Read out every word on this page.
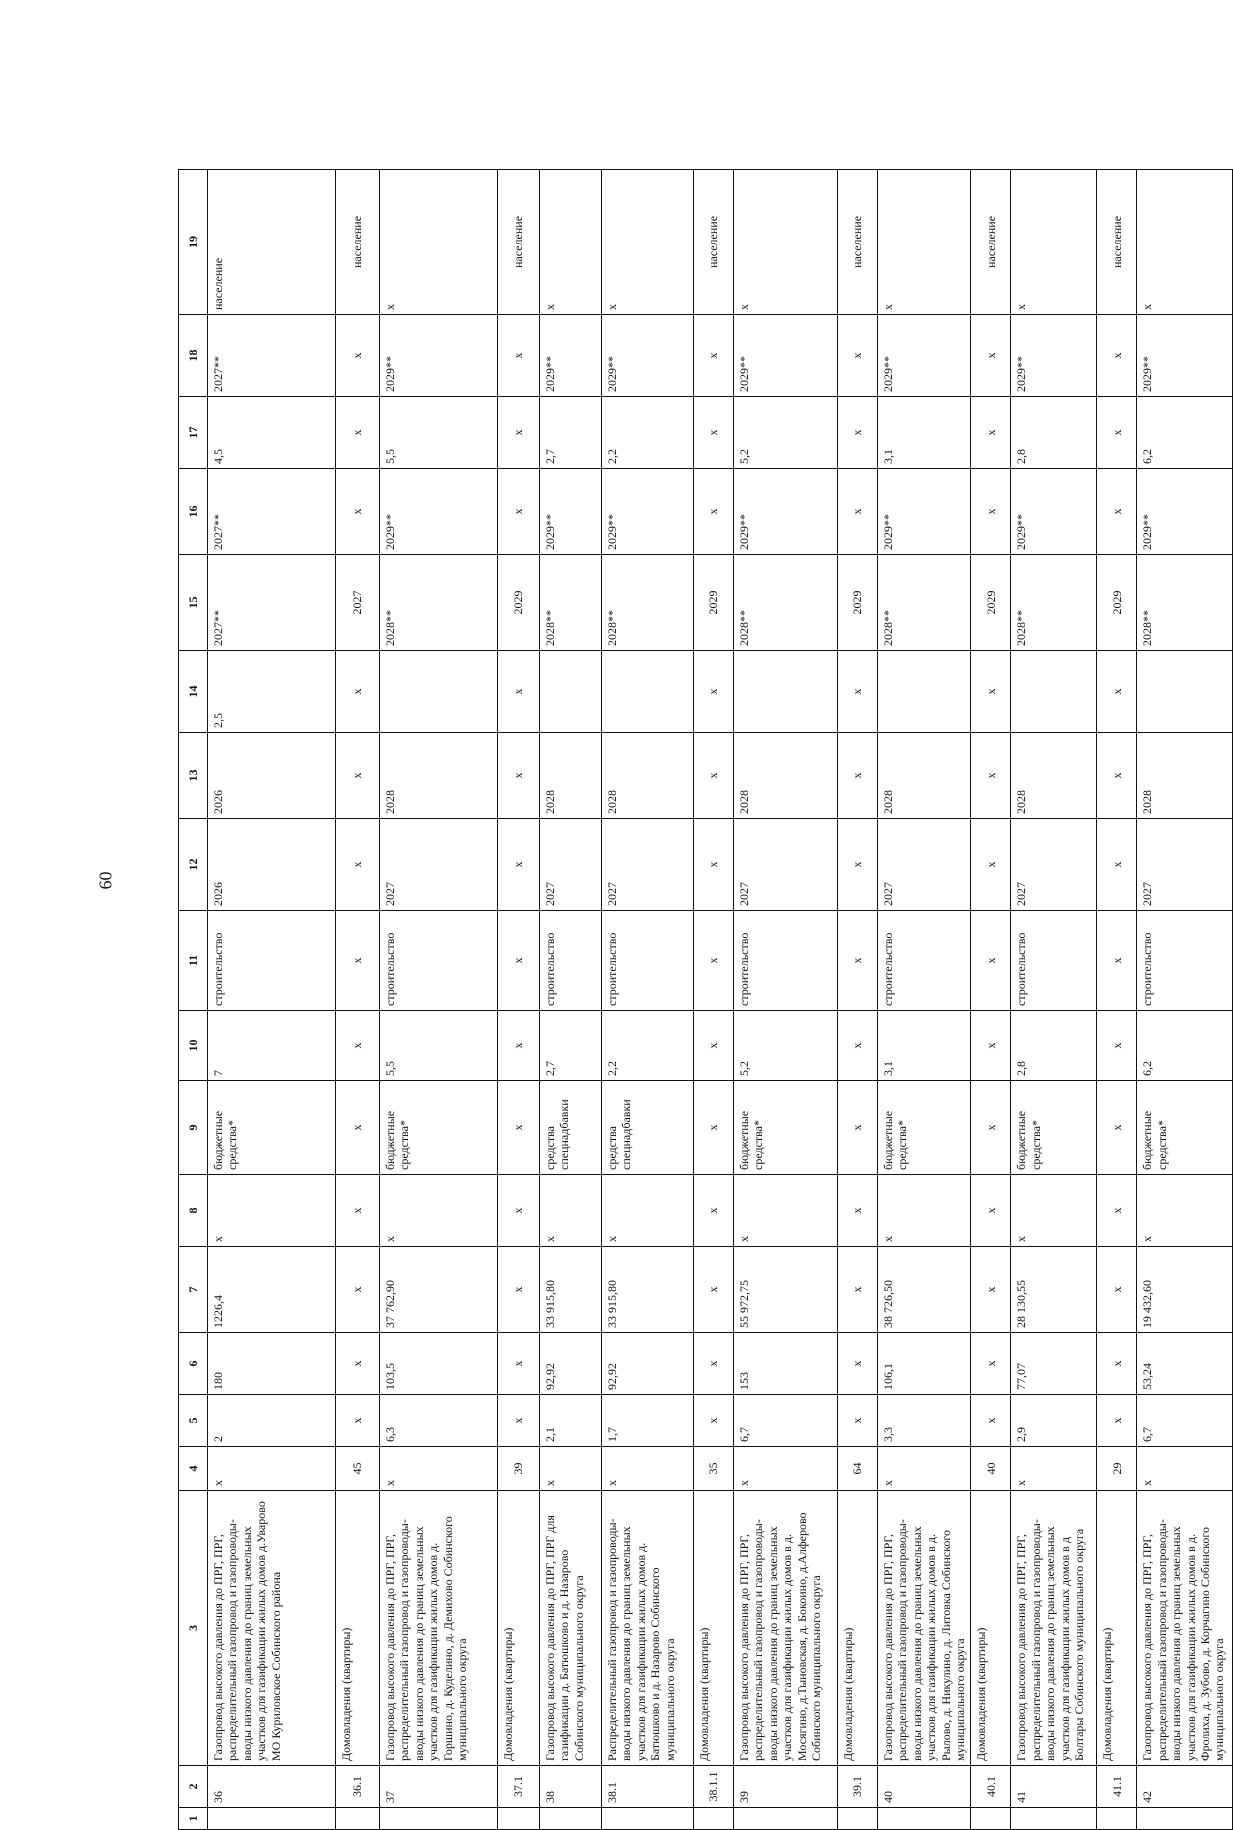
60
1	2	3	4	5	6	7	8	9	10	11	12	13	14	15	16	17	18	19
	36	Газопровод высокого давления до ПРГ, ПРГ, распределительный газопровод и газопроводы-вводы низкого давления до границ земельных участков для газификации жилых домов д.Уварово МО Куриловское Собинского района	x	2	180	1226,4	x	бюджетные средства*	7	строительство	2026	2026	2,5	2027**	2027**	4,5	2027**	население
	36.1	Домовладения (квартиры)	45	x	x	x	x	x	x	x	x	x	x	2027	x	x	x	население
	37	Газопровод высокого давления до ПРГ, ПРГ, распределительный газопровод и газопроводы-вводы низкого давления до границ земельных участков для газификации жилых домов д. Горшино, д. Куделино, д. Демихово Собинского муниципального округа	x	6,3	103,5	37 762,90	x	бюджетные средства*	5,5	строительство	2027	2028		2028**	2029**	5,5	2029**	x
	37.1	Домовладения (квартиры)	39	x	x	x	x	x	x	x	x	x	x	2029	x	x	x	население
	38	Газопровод высокого давления до ПРГ, ПРГ для газификации д. Батюшково и д. Назарово Собинского муниципального округа	x	2,1	92,92	33 915,80	x	средства спецнадбавки	2,7	строительство	2027	2028		2028**	2029**	2,7	2029**	x
	38.1	Распределительный газопровод и газопроводы-вводы низкого давления до границ земельных участков для газификации жилых домов д. Батюшково и д. Назарово Собинского муниципального округа	x	1,7	92,92	33 915,80	x	средства спецнадбавки	2,2	строительство	2027	2028		2028**	2029**	2,2	2029**	x
	38.1.1	Домовладения (квартиры)	35	x	x	x	x	x	x	x	x	x	x	2029	x	x	x	население
	39	Газопровод высокого давления до ПРГ, ПРГ, распределительный газопровод и газопроводы-вводы низкого давления до границ земельных участков для газификации жилых домов в д. Мосягино, д.Тыновская, д. Бокоино, д.Алферово Собинского муниципального округа	x	6,7	153	55 972,75	x	бюджетные средства*	5,2	строительство	2027	2028		2028**	2029**	5,2	2029**	x
	39.1	Домовладения (квартиры)	64	x	x	x	x	x	x	x	x	x	x	2029	x	x	x	население
	40	Газопровод высокого давления до ПРГ, ПРГ, распределительный газопровод и газопроводы-вводы низкого давления до границ земельных участков для газификации жилых домов в д. Рылово, д. Никулино, д. Литовка Собинского муниципального округа	x	3,3	106,1	38 726,50	x	бюджетные средства*	3,1	строительство	2027	2028		2028**	2029**	3,1	2029**	x
	40.1	Домовладения (квартиры)	40	x	x	x	x	x	x	x	x	x	x	2029	x	x	x	население
	41	Газопровод высокого давления до ПРГ, ПРГ, распределительный газопровод и газопроводы-вводы низкого давления до границ земельных участков для газификации жилых домов в д Болтары Собинского муниципального округа	x	2,9	77,07	28 130,55	x	бюджетные средства*	2,8	строительство	2027	2028		2028**	2029**	2,8	2029**	x
	41.1	Домовладения (квартиры)	29	x	x	x	x	x	x	x	x	x	x	2029	x	x	x	население
	42	Газопровод высокого давления до ПРГ, ПРГ, распределительный газопровод и газопроводы-вводы низкого давления до границ земельных участков для газификации жилых домов в д. Фролиха, д. Зубово, д. Корчагино Собинского муниципального округа	x	6,7	53,24	19 432,60	x	бюджетные средства*	6,2	строительство	2027	2028		2028**	2029**	6,2	2029**	x
